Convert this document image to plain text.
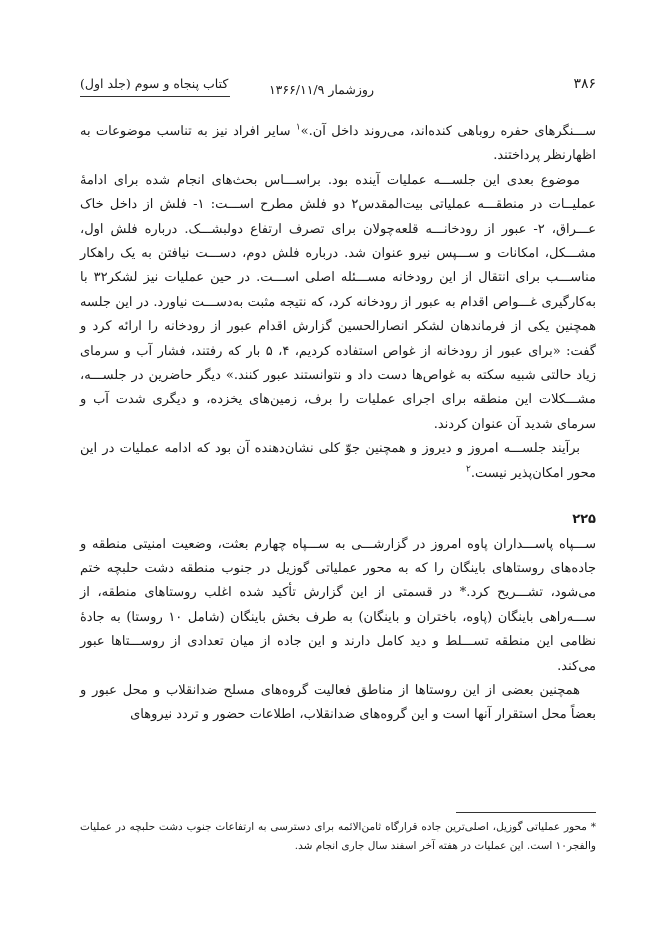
۳۸۶
روزشمار ۱۳۶۶/۱۱/۹
کتاب پنجاه و سوم (جلد اول)

ســـنگرهای حفره روباهی کنده‌اند، می‌روند داخل آن.»$^۱$ سایر افراد نیز به تناسب موضوعات به اظهارنظر پرداختند.

موضوع بعدی این جلســـه عملیات آینده بود. براســـاس بحث‌های انجام شده برای ادامهٔ عملیــات در منطقـــه عملیاتی بیت‌المقدس۲ دو فلش مطرح اســـت: ۱- فلش از داخل خاک عـــراق، ۲- عبور از رودخانـــه قلعه‌چولان برای تصرف ارتفاع دولبشـــک. درباره فلش اول، مشـــکل، امکانات و ســـپس نیرو عنوان شد. درباره فلش دوم، دســـت نیافتن به یک راهکار مناســـب برای انتقال از این رودخانه مســـئله اصلی اســـت. در حین عملیات نیز لشکر۳۲ با به‌کارگیری غـــواص اقدام به عبور از رودخانه کرد، که نتیجه مثبت به‌دســـت نیاورد. در این جلسه همچنین یکی از فرماندهان لشکر انصارالحسین گزارش اقدام عبور از رودخانه را ارائه کرد و گفت: «برای عبور از رودخانه از غواص استفاده کردیم، ۴، ۵ بار که رفتند، فشار آب و سرمای زیاد حالتی شبیه سکته به غواص‌ها دست داد و نتوانستند عبور کنند.» دیگر حاضرین در جلســـه، مشـــکلات این منطقه برای اجرای عملیات را برف، زمین‌های یخزده، و دیگری شدت آب و سرمای شدید آن عنوان کردند.

برآیند جلســـه امروز و دیروز و همچنین جوّ کلی نشان‌دهنده آن بود که ادامه عملیات در این محور امکان‌پذیر نیست.$^۲$

۲۲۵

ســـپاه پاســـداران پاوه امروز در گزارشـــی به ســـپاه چهارم بعثت، وضعیت امنیتی منطقه و جاده‌های روستاهای باینگان را که به محور عملیاتی گوزیل در جنوب منطقه دشت حلبچه ختم می‌شود، تشـــریح کرد.* در قسمتی از این گزارش تأکید شده اغلب روستاهای منطقه، از ســـه‌راهی باینگان (پاوه، باختران و باینگان) به طرف بخش باینگان (شامل ۱۰ روستا) به جادهٔ نظامی این منطقه تســـلط و دید کامل دارند و این جاده از میان تعدادی از روســـتاها عبور می‌کند.

همچنین بعضی از این روستاها از مناطق فعالیت گروه‌های مسلح ضدانقلاب و محل عبور و بعضاً محل استقرار آنها است و این گروه‌های ضدانقلاب، اطلاعات حضور و تردد نیروهای

* محور عملیاتی گوزیل، اصلی‌ترین جاده قرارگاه ثامن‌الائمه برای دسترسی به ارتفاعات جنوب دشت حلبچه در عملیات والفجر۱۰ است. این عملیات در هفته آخر اسفند سال جاری انجام شد.
